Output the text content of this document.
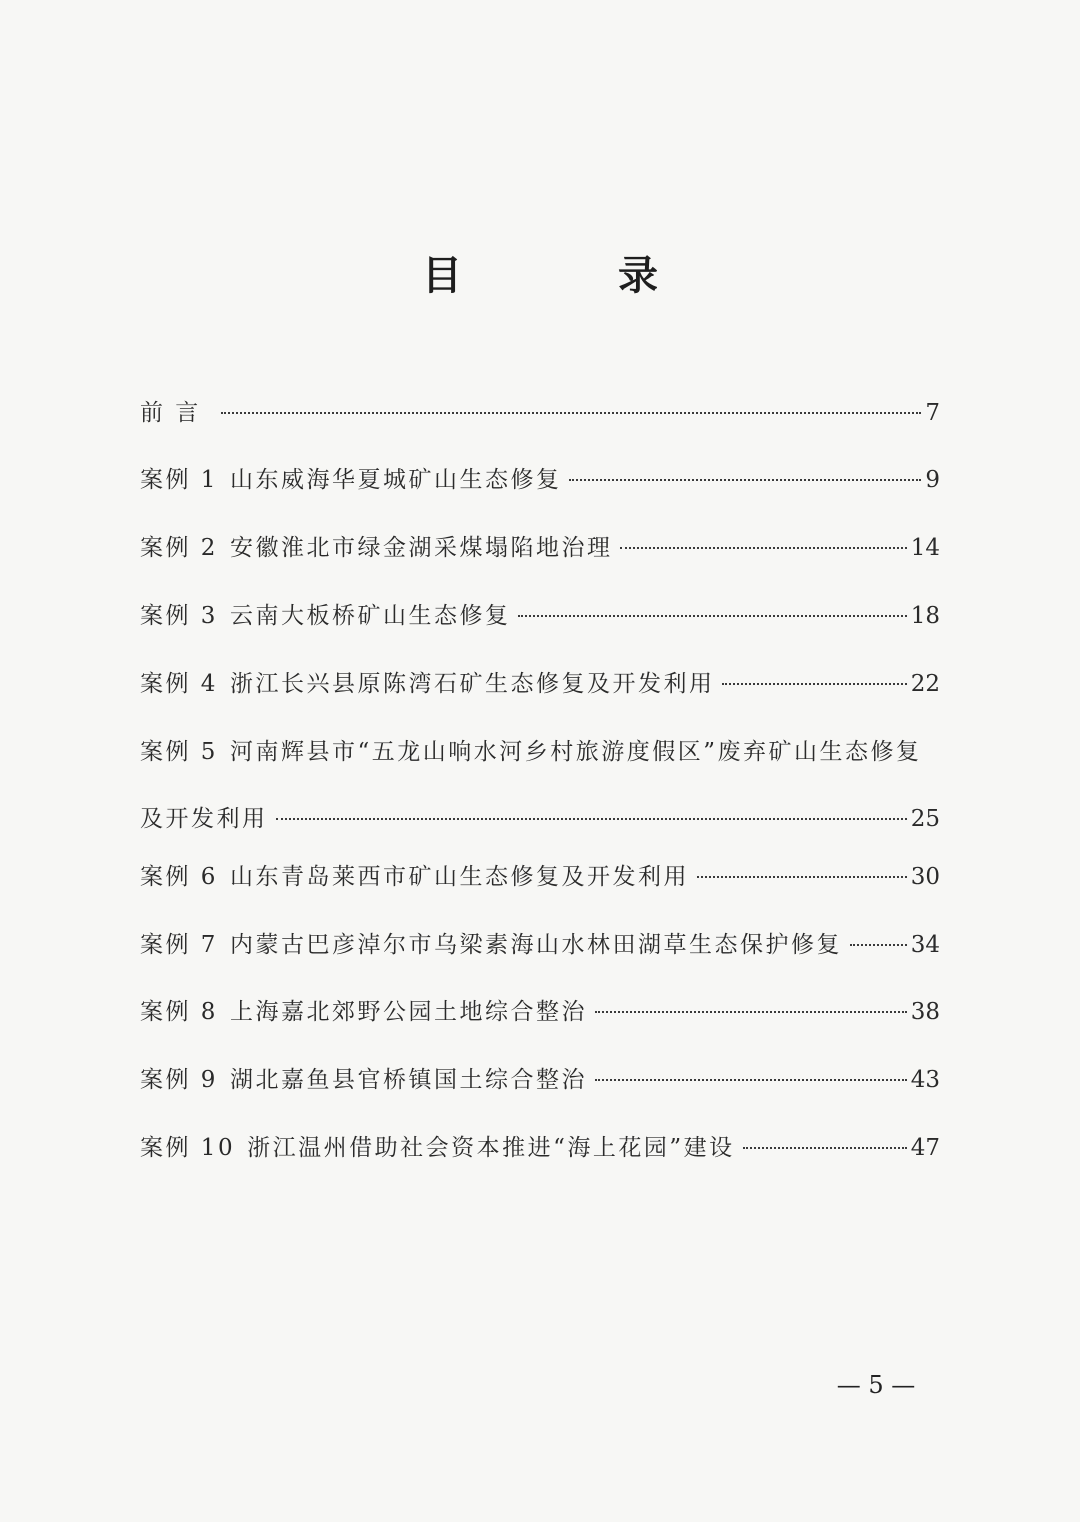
目　录
前 言	7
案例 1 山东威海华夏城矿山生态修复	9
案例 2 安徽淮北市绿金湖采煤塌陷地治理	14
案例 3 云南大板桥矿山生态修复	18
案例 4 浙江长兴县原陈湾石矿生态修复及开发利用	22
案例 5 河南辉县市“五龙山响水河乡村旅游度假区”废弃矿山生态修复
及开发利用	25
案例 6 山东青岛莱西市矿山生态修复及开发利用	30
案例 7 内蒙古巴彦淖尔市乌梁素海山水林田湖草生态保护修复	34
案例 8 上海嘉北郊野公园土地综合整治	38
案例 9 湖北嘉鱼县官桥镇国土综合整治	43
案例 10 浙江温州借助社会资本推进“海上花园”建设	47
— 5 —
